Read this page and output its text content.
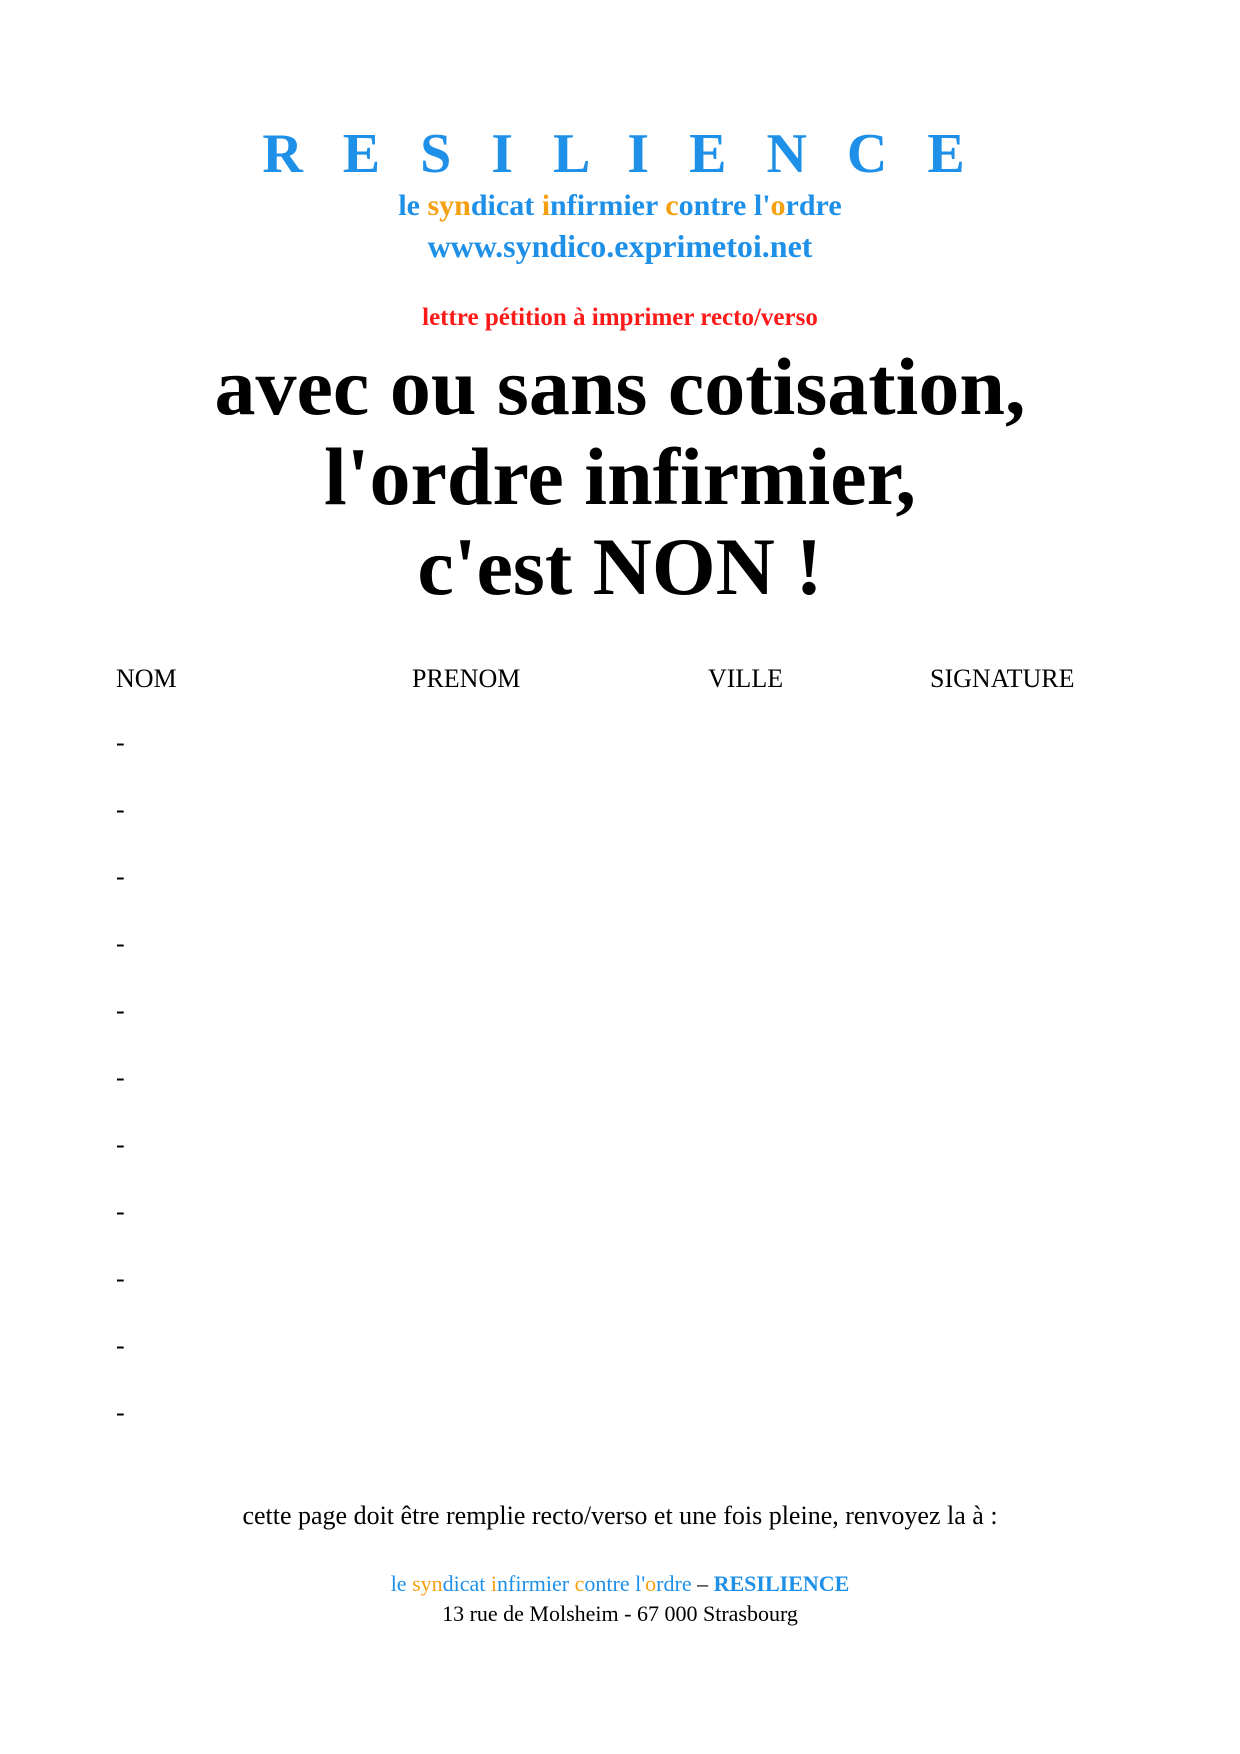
R E S I L I E N C E
le syndicat infirmier contre l'ordre
www.syndico.exprimetoi.net
lettre pétition à imprimer recto/verso
avec ou sans cotisation,
l'ordre infirmier,
c'est NON !
NOM	PRENOM	VILLE	SIGNATURE
-
-
-
-
-
-
-
-
-
-
-
cette page doit être remplie recto/verso et une fois pleine, renvoyez la à :
le syndicat infirmier contre l'ordre – RESILIENCE
13 rue de Molsheim - 67 000 Strasbourg
